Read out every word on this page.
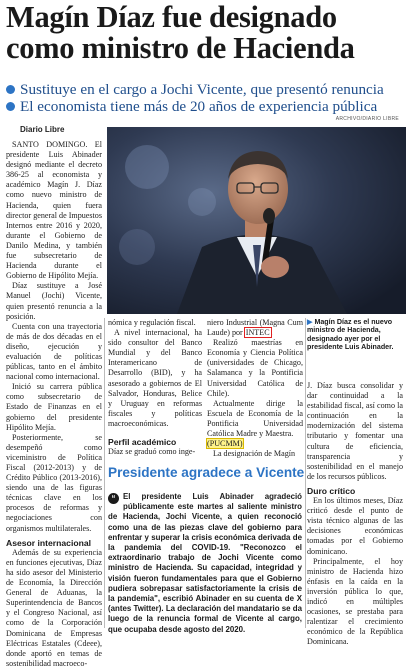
Magín Díaz fue designado
como ministro de Hacienda
Sustituye en el cargo a Jochi Vicente, que presentó renuncia
El economista tiene más de 20 años de experiencia pública
ARCHIVO/DIARIO LIBRE
Diario Libre

SANTO DOMINGO. El presidente Luis Abinader designó mediante el decreto 386-25 al economista y académico Magín J. Díaz como nuevo ministro de Hacienda, quien fuera director general de Impuestos Internos entre 2016 y 2020, durante el Gobierno de Danilo Medina, y también fue subsecretario de Hacienda durante el Gobierno de Hipólito Mejía.

Díaz sustituye a José Manuel (Jochi) Vicente, quien presentó renuncia a la posición.

Cuenta con una trayectoria de más de dos décadas en el diseño, ejecución y evaluación de políticas públicas, tanto en el ámbito nacional como internacional.

Inició su carrera pública como subsecretario de Estado de Finanzas en el gobierno del presidente Hipólito Mejía.

Posteriormente, se desempeñó como viceministro de Política Fiscal (2012-2013) y de Crédito Público (2013-2016), siendo una de las figuras técnicas clave en los procesos de reformas y negociaciones con organismos multilaterales.

Asesor internacional

Además de su experiencia en funciones ejecutivas, Díaz ha sido asesor del Ministerio de Economía, la Dirección General de Aduanas, la Superintendencia de Bancos y el Congreso Nacional, así como de la Corporación Dominicana de Empresas Eléctricas Estatales (Cdeee), donde aportó en temas de sostenibilidad macroeco-

nómica y regulación fiscal.

A nivel internacional, ha sido consultor del Banco Mundial y del Banco Interamericano de Desarrollo (BID), y ha asesorado a gobiernos de El Salvador, Honduras, Belice y Uruguay en reformas fiscales y políticas macroeconómicas.

Perfil académico

Díaz se graduó como inge-

niero Industrial (Magna Cum Laude) por INTEC.

Realizó maestrías en Economía y Ciencia Política (universidades de Chicago, Salamanca y la Pontificia Universidad Católica de Chile).

Actualmente dirige la Escuela de Economía de la Pontificia Universidad Católica Madre y Maestra.

(PUCMM)

La designación de Magín

▶ Magín Díaz es el nuevo ministro de Hacienda, designado ayer por el presidente Luis Abinader.

J. Díaz busca consolidar y dar continuidad a la estabilidad fiscal, así como la continuación en la modernización del sistema tributario y fomentar una cultura de eficiencia, transparencia y sostenibilidad en el manejo de los recursos públicos.

Duro crítico

En los últimos meses, Díaz criticó desde el punto de vista técnico algunas de las decisiones económicas tomadas por el Gobierno dominicano.

Principalmente, el hoy ministro de Hacienda hizo énfasis en la caída en la inversión pública lo que, indicó en múltiples ocasiones, se prestaba para ralentizar el crecimiento económico de la República Dominicana.

Presidente agradece a Vicente
“ El presidente Luis Abinader agradeció públicamente este martes al saliente ministro de Hacienda, Jochi Vicente, a quien reconoció como una de las piezas clave del gobierno para enfrentar y superar la crisis económica derivada de la pandemia del COVID-19. "Reconozco el extraordinario trabajo de Jochi Vicente como ministro de Hacienda. Su capacidad, integridad y visión fueron fundamentales para que el Gobierno pudiera sobrepasar satisfactoriamente la crisis de la pandemia", escribió Abinader en su cuenta de X (antes Twitter). La declaración del mandatario se da luego de la renuncia formal de Vicente al cargo, que ocupaba desde agosto del 2020.
